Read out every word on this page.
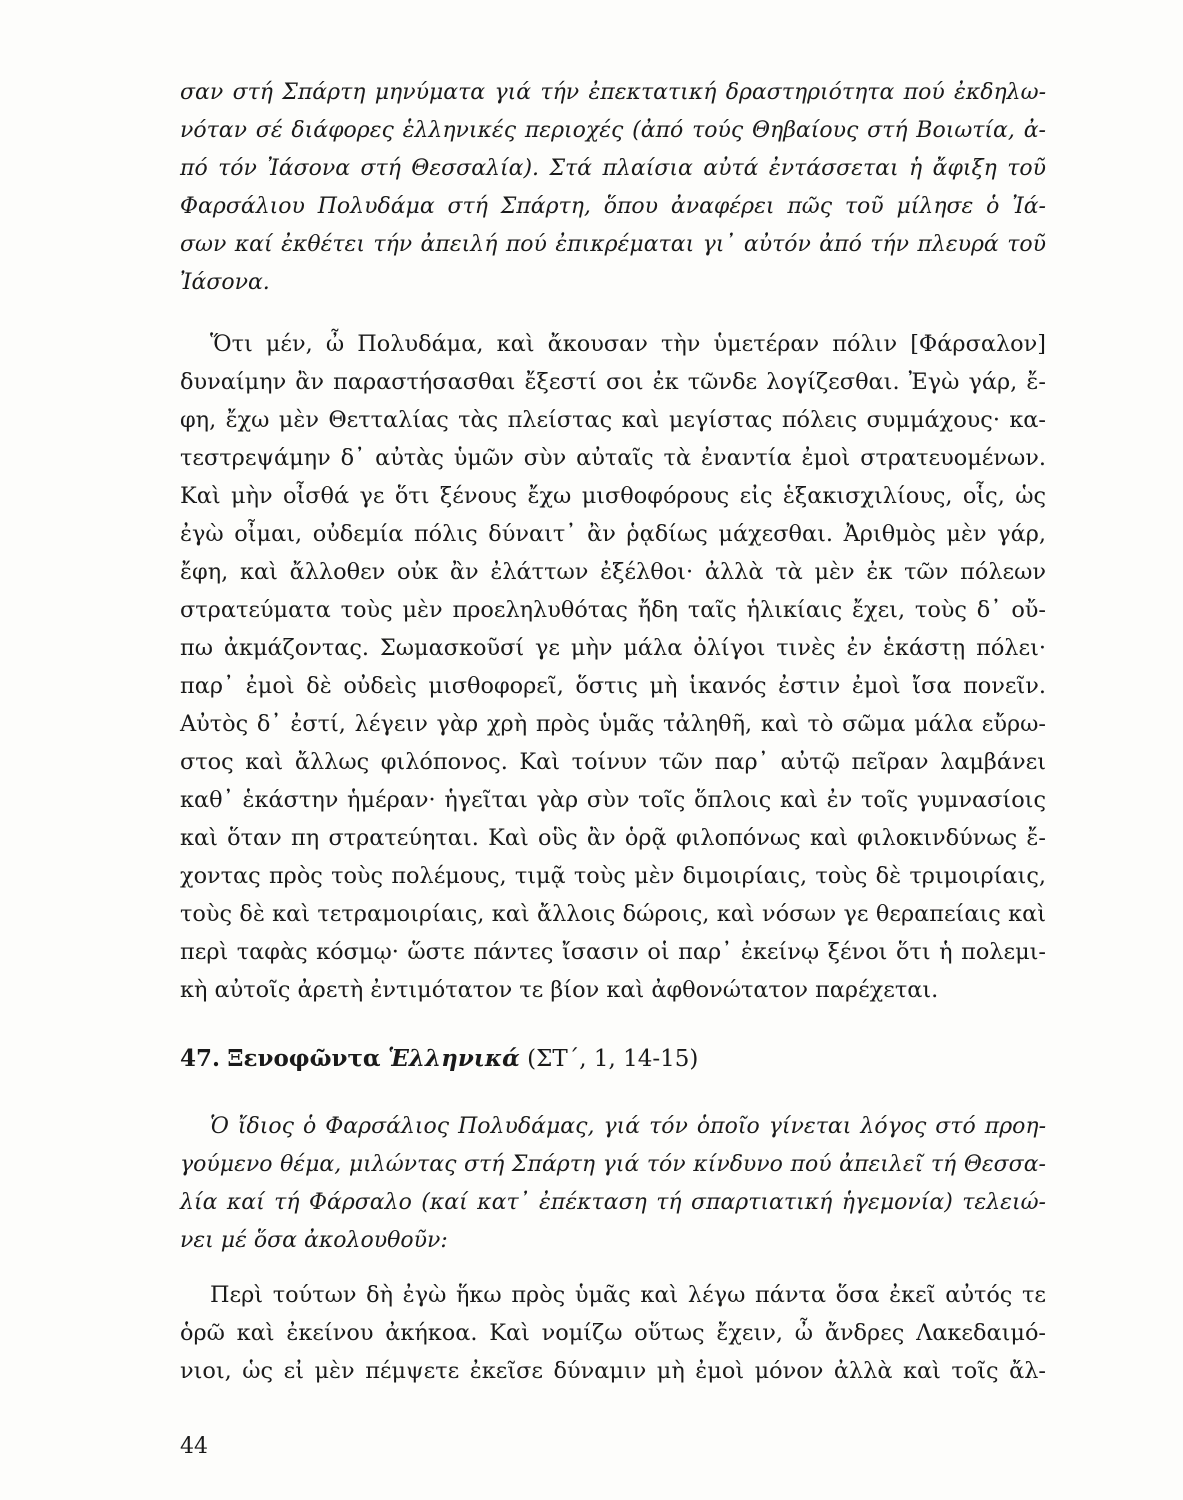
σαν στή Σπάρτη μηνύματα γιά τήν ἐπεκτατική δραστηριότητα πού ἐκδηλω-
νόταν σέ διάφορες ἑλληνικές περιοχές (ἀπό τούς Θηβαίους στή Βοιωτία, ἀ-
πό τόν Ἰάσονα στή Θεσσαλία). Στά πλαίσια αὐτά ἐντάσσεται ἡ ἄφιξη τοῦ
Φαρσάλιου Πολυδάμα στή Σπάρτη, ὅπου ἀναφέρει πῶς τοῦ μίλησε ὁ Ἰά-
σων καί ἐκθέτει τήν ἀπειλή πού ἐπικρέμαται γι᾽ αὐτόν ἀπό τήν πλευρά τοῦ
Ἰάσονα.
Ὅτι μέν, ὦ Πολυδάμα, καὶ ἄκουσαν τὴν ὑμετέραν πόλιν [Φάρσαλον]
δυναίμην ἂν παραστήσασθαι ἔξεστί σοι ἐκ τῶνδε λογίζεσθαι. Ἐγὼ γάρ, ἔ-
φη, ἔχω μὲν Θετταλίας τὰς πλείστας καὶ μεγίστας πόλεις συμμάχους· κα-
τεστρεψάμην δ᾽ αὐτὰς ὑμῶν σὺν αὐταῖς τὰ ἐναντία ἐμοὶ στρατευομένων.
Καὶ μὴν οἶσθά γε ὅτι ξένους ἔχω μισθοφόρους εἰς ἑξακισχιλίους, οἷς, ὡς
ἐγὼ οἶμαι, οὐδεμία πόλις δύναιτ᾽ ἂν ῥᾳδίως μάχεσθαι. Ἀριθμὸς μὲν γάρ,
ἔφη, καὶ ἄλλοθεν οὐκ ἂν ἐλάττων ἐξέλθοι· ἀλλὰ τὰ μὲν ἐκ τῶν πόλεων
στρατεύματα τοὺς μὲν προεληλυθότας ἤδη ταῖς ἡλικίαις ἔχει, τοὺς δ᾽ οὔ-
πω ἀκμάζοντας. Σωμασκοῦσί γε μὴν μάλα ὀλίγοι τινὲς ἐν ἑκάστῃ πόλει·
παρ᾽ ἐμοὶ δὲ οὐδεὶς μισθοφορεῖ, ὅστις μὴ ἱκανός ἐστιν ἐμοὶ ἴσα πονεῖν.
Αὐτὸς δ᾽ ἐστί, λέγειν γὰρ χρὴ πρὸς ὑμᾶς τἀληθῆ, καὶ τὸ σῶμα μάλα εὔρω-
στος καὶ ἄλλως φιλόπονος. Καὶ τοίνυν τῶν παρ᾽ αὐτῷ πεῖραν λαμβάνει
καθ᾽ ἑκάστην ἡμέραν· ἡγεῖται γὰρ σὺν τοῖς ὅπλοις καὶ ἐν τοῖς γυμνασίοις
καὶ ὅταν πη στρατεύηται. Καὶ οὓς ἂν ὁρᾷ φιλοπόνως καὶ φιλοκινδύνως ἔ-
χοντας πρὸς τοὺς πολέμους, τιμᾷ τοὺς μὲν διμοιρίαις, τοὺς δὲ τριμοιρίαις,
τοὺς δὲ καὶ τετραμοιρίαις, καὶ ἄλλοις δώροις, καὶ νόσων γε θεραπείαις καὶ
περὶ ταφὰς κόσμῳ· ὥστε πάντες ἴσασιν οἱ παρ᾽ ἐκείνῳ ξένοι ὅτι ἡ πολεμι-
κὴ αὐτοῖς ἀρετὴ ἐντιμότατον τε βίον καὶ ἀφθονώτατον παρέχεται.
47. Ξενοφῶντα Ἑλληνικά (ΣΤ΄, 1, 14-15)
Ὁ ἴδιος ὁ Φαρσάλιος Πολυδάμας, γιά τόν ὁποῖο γίνεται λόγος στό προη-
γούμενο θέμα, μιλώντας στή Σπάρτη γιά τόν κίνδυνο πού ἀπειλεῖ τή Θεσσα-
λία καί τή Φάρσαλο (καί κατ᾽ ἐπέκταση τή σπαρτιατική ἡγεμονία) τελειώ-
νει μέ ὅσα ἀκολουθοῦν:
Περὶ τούτων δὴ ἐγὼ ἥκω πρὸς ὑμᾶς καὶ λέγω πάντα ὅσα ἐκεῖ αὐτός τε
ὁρῶ καὶ ἐκείνου ἀκήκοα. Καὶ νομίζω οὕτως ἔχειν, ὦ ἄνδρες Λακεδαιμό-
νιοι, ὡς εἰ μὲν πέμψετε ἐκεῖσε δύναμιν μὴ ἐμοὶ μόνον ἀλλὰ καὶ τοῖς ἄλ-
44
